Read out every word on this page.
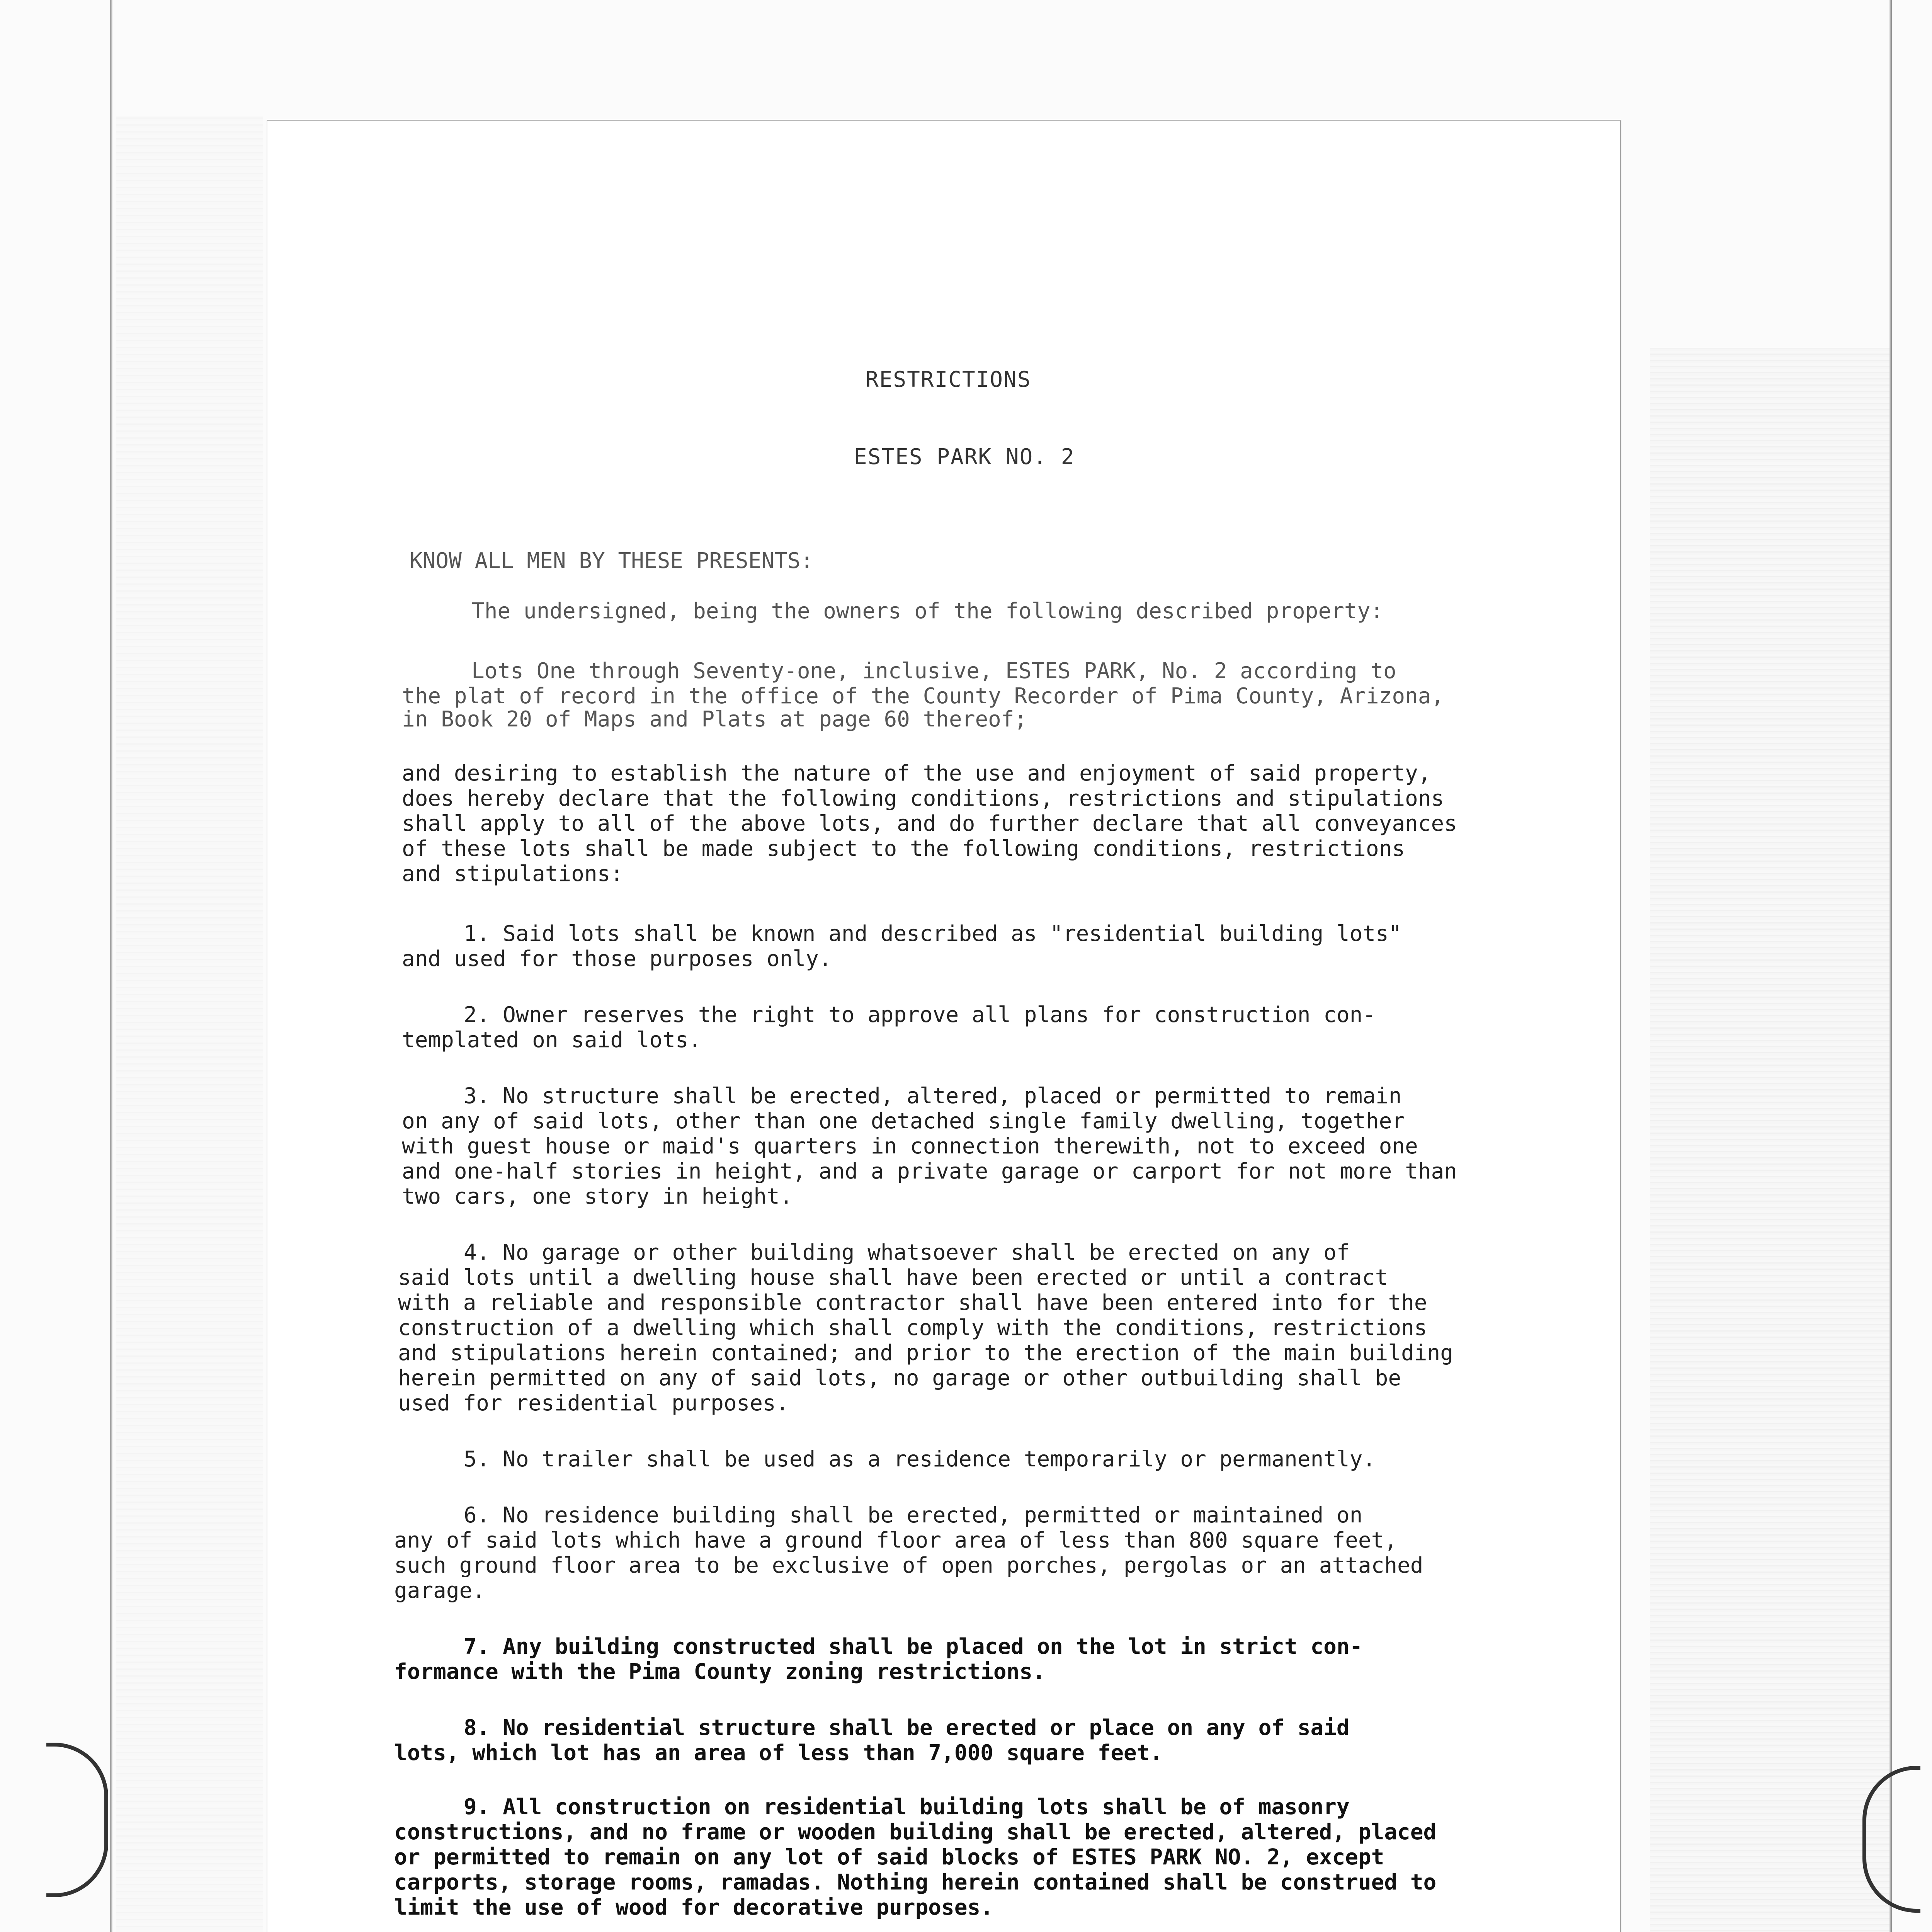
RESTRICTIONS
ESTES PARK NO. 2
KNOW ALL MEN BY THESE PRESENTS:
The undersigned, being the owners of the following described property:
Lots One through Seventy-one, inclusive, ESTES PARK, No. 2 according to
the plat of record in the office of the County Recorder of Pima County, Arizona,
in Book 20 of Maps and Plats at page 60 thereof;
and desiring to establish the nature of the use and enjoyment of said property,
does hereby declare that the following conditions, restrictions and stipulations
shall apply to all of the above lots, and do further declare that all conveyances
of these lots shall be made subject to the following conditions, restrictions
and stipulations:
1. Said lots shall be known and described as "residential building lots"
and used for those purposes only.
2. Owner reserves the right to approve all plans for construction con-
templated on said lots.
3. No structure shall be erected, altered, placed or permitted to remain
on any of said lots, other than one detached single family dwelling, together
with guest house or maid's quarters in connection therewith, not to exceed one
and one-half stories in height, and a private garage or carport for not more than
two cars, one story in height.
4. No garage or other building whatsoever shall be erected on any of
said lots until a dwelling house shall have been erected or until a contract
with a reliable and responsible contractor shall have been entered into for the
construction of a dwelling which shall comply with the conditions, restrictions
and stipulations herein contained; and prior to the erection of the main building
herein permitted on any of said lots, no garage or other outbuilding shall be
used for residential purposes.
5. No trailer shall be used as a residence temporarily or permanently.
6. No residence building shall be erected, permitted or maintained on
any of said lots which have a ground floor area of less than 800 square feet,
such ground floor area to be exclusive of open porches, pergolas or an attached
garage.
7. Any building constructed shall be placed on the lot in strict con-
formance with the Pima County zoning restrictions.
8. No residential structure shall be erected or place on any of said
lots, which lot has an area of less than 7,000 square feet.
9. All construction on residential building lots shall be of masonry
constructions, and no frame or wooden building shall be erected, altered, placed
or permitted to remain on any lot of said blocks of ESTES PARK NO. 2, except
carports, storage rooms, ramadas. Nothing herein contained shall be construed to
limit the use of wood for decorative purposes.
